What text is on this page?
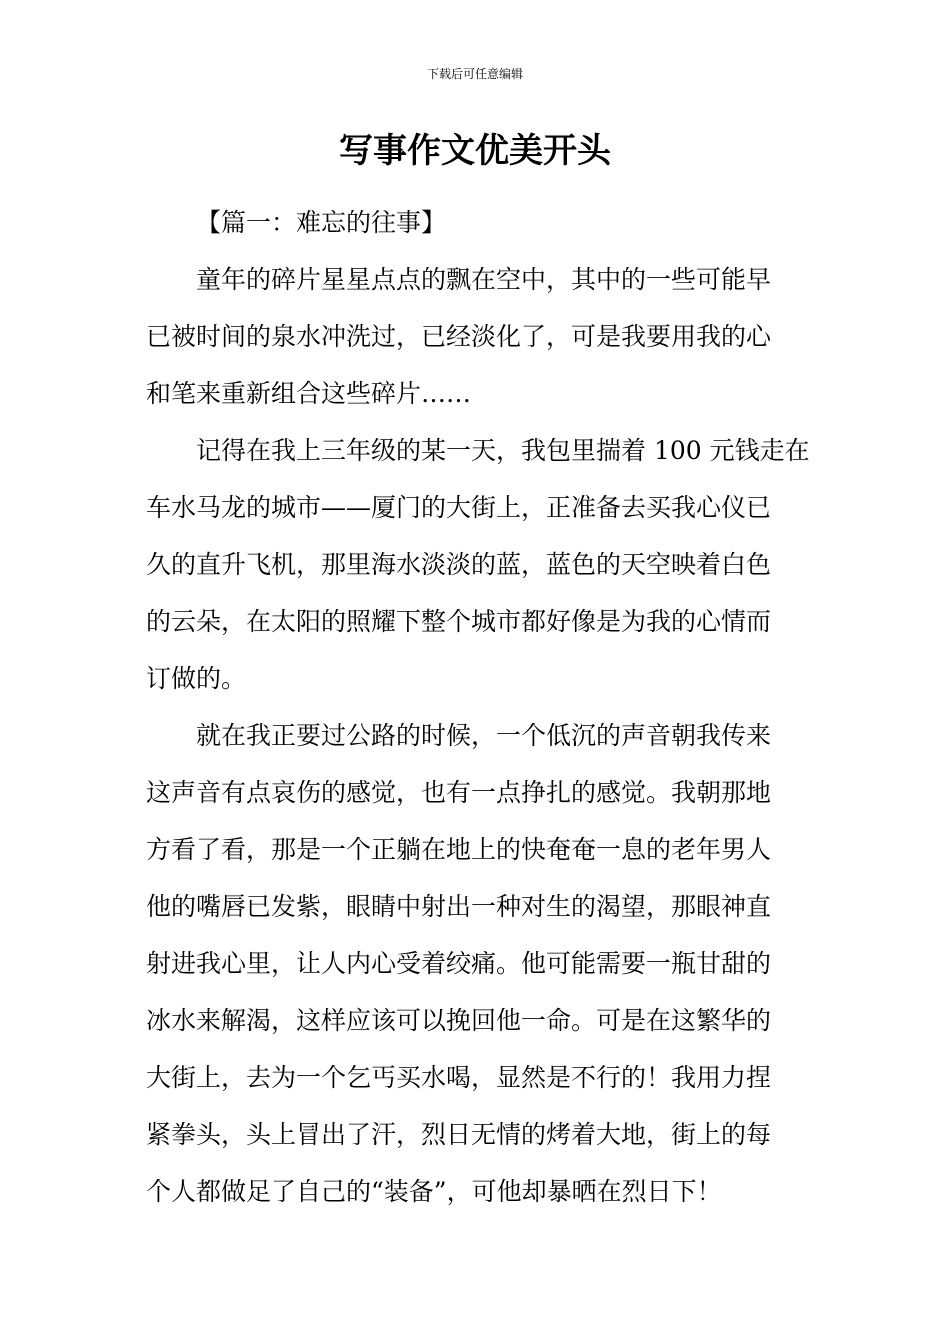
下载后可任意编辑
写事作文优美开头
【篇一：难忘的往事】
童年的碎片星星点点的飘在空中，其中的一些可能早
已被时间的泉水冲洗过，已经淡化了，可是我要用我的心
和笔来重新组合这些碎片……
记得在我上三年级的某一天，我包里揣着 100 元钱走在
车水马龙的城市——厦门的大街上，正准备去买我心仪已
久的直升飞机，那里海水淡淡的蓝，蓝色的天空映着白色
的云朵，在太阳的照耀下整个城市都好像是为我的心情而
订做的。
就在我正要过公路的时候，一个低沉的声音朝我传来
这声音有点哀伤的感觉，也有一点挣扎的感觉。我朝那地
方看了看，那是一个正躺在地上的快奄奄一息的老年男人
他的嘴唇已发紫，眼睛中射出一种对生的渴望，那眼神直
射进我心里，让人内心受着绞痛。他可能需要一瓶甘甜的
冰水来解渴，这样应该可以挽回他一命。可是在这繁华的
大街上，去为一个乞丐买水喝，显然是不行的！我用力捏
紧拳头，头上冒出了汗，烈日无情的烤着大地，街上的每
个人都做足了自己的“装备”，可他却暴晒在烈日下！
